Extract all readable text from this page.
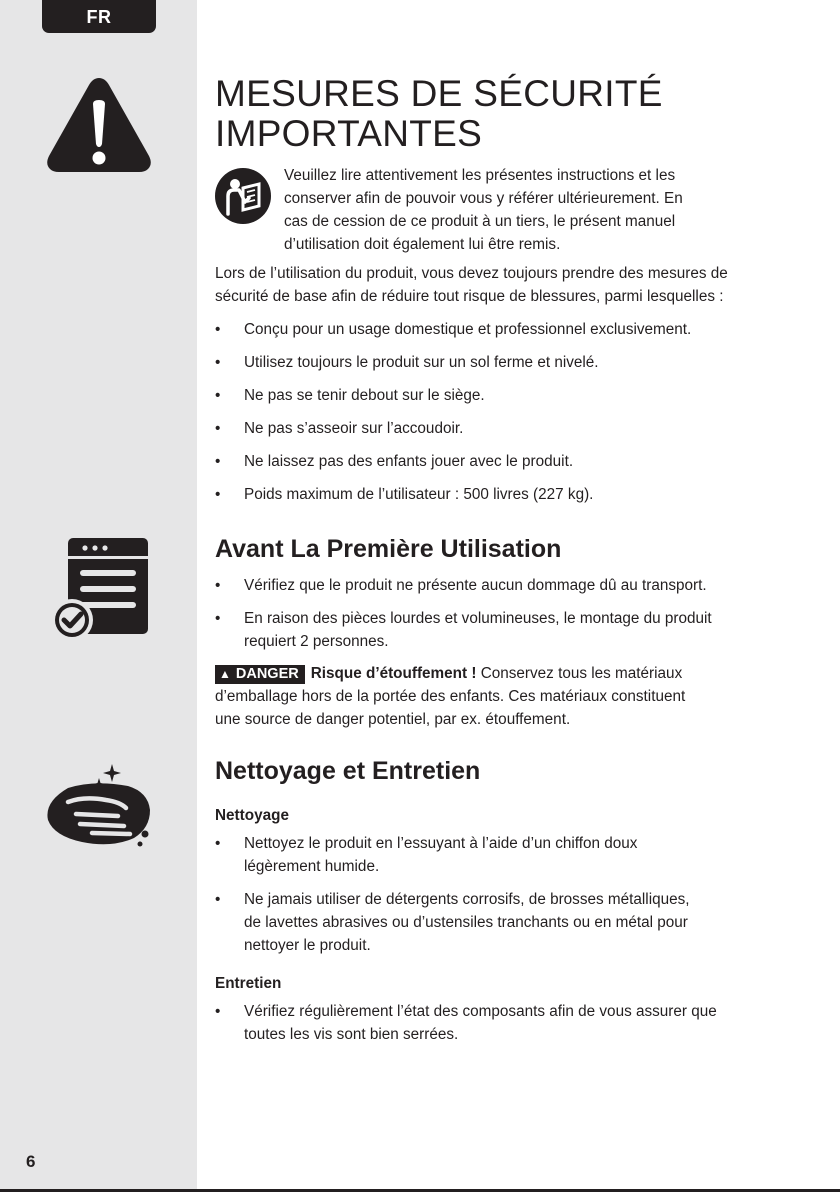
FR
6
MESURES DE SÉCURITÉ
IMPORTANTES
Veuillez lire attentivement les présentes instructions et les
conserver afin de pouvoir vous y référer ultérieurement. En
cas de cession de ce produit à un tiers, le présent manuel
d’utilisation doit également lui être remis.

Lors de l’utilisation du produit, vous devez toujours prendre des mesures de
sécurité de base afin de réduire tout risque de blessures, parmi lesquelles :

• Conçu pour un usage domestique et professionnel exclusivement.
• Utilisez toujours le produit sur un sol ferme et nivelé.
• Ne pas se tenir debout sur le siège.
• Ne pas s’asseoir sur l’accoudoir.
• Ne laissez pas des enfants jouer avec le produit.
• Poids maximum de l’utilisateur : 500 livres (227 kg).
Avant La Première Utilisation
• Vérifiez que le produit ne présente aucun dommage dû au transport.
• En raison des pièces lourdes et volumineuses, le montage du produit
requiert 2 personnes.
▲ DANGER Risque d’étouffement ! Conservez tous les matériaux
d’emballage hors de la portée des enfants. Ces matériaux constituent
une source de danger potentiel, par ex. étouffement.
Nettoyage et Entretien
Nettoyage
• Nettoyez le produit en l’essuyant à l’aide d’un chiffon doux
légèrement humide.
• Ne jamais utiliser de détergents corrosifs, de brosses métalliques,
de lavettes abrasives ou d’ustensiles tranchants ou en métal pour
nettoyer le produit.
Entretien
• Vérifiez régulièrement l’état des composants afin de vous assurer que
toutes les vis sont bien serrées.
